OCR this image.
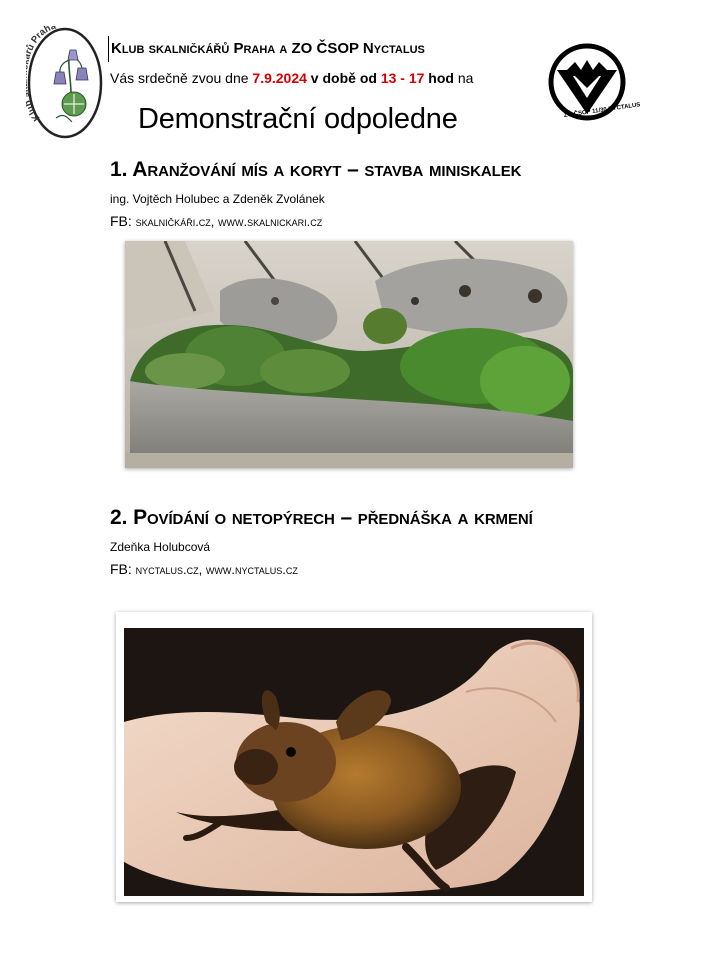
Klu Praha
ZO ČSOP 11/30 NYCTALUS
Klub skalničkářů Praha a ZO ČSOP Nyctalus
Vás srdečně zvou dne 7.9.2024 v době od 13 - 17 hod na
Demonstrační odpoledne
1. Aranžování mís a koryt – stavba miniskalek
ing. Vojtěch Holubec a Zdeněk Zvolánek
FB: skalničkáři.cz, www.skalnickari.cz
2. Povídání o netopýrech – přednáška a krmení
Zdeňka Holubcová
FB: nyctalus.cz, www.nyctalus.cz
